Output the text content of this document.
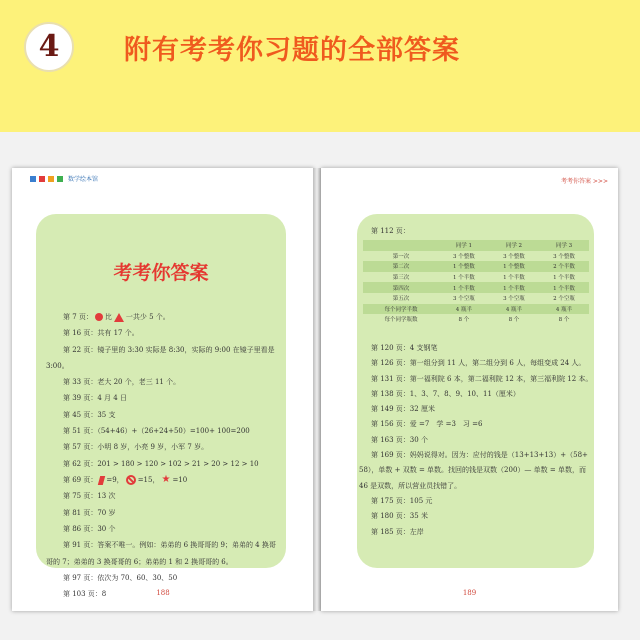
4	附有考考你习题的全部答案
数学绘本馆
考考你答案
第 7 页： 比 一共少 5 个。
第 16 页：共有 17 个。
第 22 页：镜子里的 3:30 实际是 8:30，实际的 9:00 在镜子里看是
3:00。
第 33 页：老大 20 个，老三 11 个。
第 39 页：4 月 4 日
第 45 页：35 支
第 51 页：（54+46）+（26+24+50）=100+ 100=200
第 57 页：小明 8 岁，小亮 9 岁，小军 7 岁。
第 62 页：201 > 180 > 120 > 102 > 21 > 20 > 12 > 10
第 69 页： =9， =15， ★ =10
第 75 页：13 次
第 81 页：70 岁
第 86 页：30 个
第 91 页：答案不唯一。例如：弟弟的 6 换哥哥的 9；弟弟的 4 换哥
哥的 7；弟弟的 3 换哥哥的 6；弟弟的 1 和 2 换哥哥的 6。
第 97 页：依次为 70、60、30、50
第 103 页：8	188
考考你答案 >>>
第 112 页：
	同学 1	同学 2	同学 3
第一次	3 个整数	3 个整数	3 个整数
第二次	1 个整数	1 个整数	2 个半数
第三次	1 个半数	1 个半数	1 个半数
第四次	1 个半数	1 个半数	1 个半数
第五次	3 个空瓶	3 个空瓶	2 个空瓶
每个同学半数	4 瓶半	4 瓶半	4 瓶半
每个同学瓶数	8 个	8 个	8 个
第 120 页：4 支钢笔
第 126 页：第一组分到 11 人，第二组分到 6 人，每组变成 24 人。
第 131 页：第一福利院 6 本，第二福利院 12 本，第三福利院 12 本。
第 138 页：1、3、7、8、9、10、11（厘米）
第 149 页：32 厘米
第 156 页：爱 =7　学 =3　习 =6
第 163 页：30 个
第 169 页：妈妈说得对。因为：应付的钱是（13+13+13）+（58+
58），单数 + 双数 = 单数。找回的钱是双数（200）— 单数 = 单数，而
46 是双数，所以营业员找错了。
第 175 页：105 元
第 180 页：35 米
第 185 页：左岸
189
